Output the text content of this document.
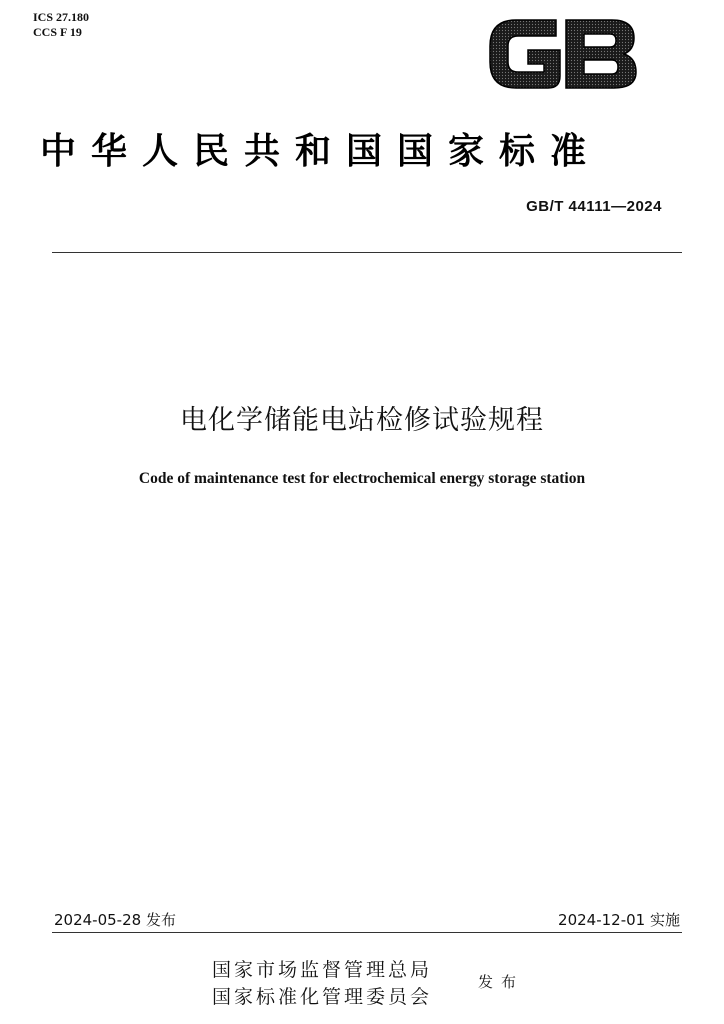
ICS 27.180
CCS F 19
中华人民共和国国家标准
GB/T 44111—2024
电化学储能电站检修试验规程
Code of maintenance test for electrochemical energy storage station
2024-05-28 发布	2024-12-01 实施
国家市场监督管理总局
国家标准化管理委员会
发布
